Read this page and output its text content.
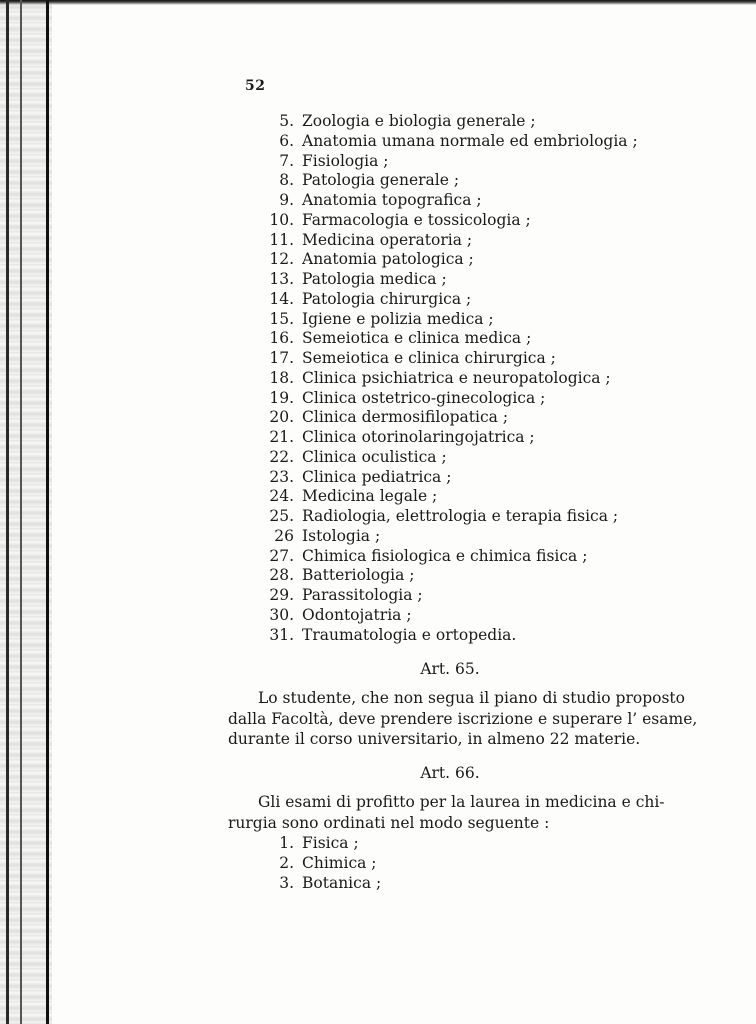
52
5. Zoologia e biologia generale ;
6. Anatomia umana normale ed embriologia ;
7. Fisiologia ;
8. Patologia generale ;
9. Anatomia topografica ;
10. Farmacologia e tossicologia ;
11. Medicina operatoria ;
12. Anatomia patologica ;
13. Patologia medica ;
14. Patologia chirurgica ;
15. Igiene e polizia medica ;
16. Semeiotica e clinica medica ;
17. Semeiotica e clinica chirurgica ;
18. Clinica psichiatrica e neuropatologica ;
19. Clinica ostetrico-ginecologica ;
20. Clinica dermosifilopatica ;
21. Clinica otorinolaringojatrica ;
22. Clinica oculistica ;
23. Clinica pediatrica ;
24. Medicina legale ;
25. Radiologia, elettrologia e terapia fisica ;
26 Istologia ;
27. Chimica fisiologica e chimica fisica ;
28. Batteriologia ;
29. Parassitologia ;
30. Odontojatria ;
31. Traumatologia e ortopedia.
Art. 65.

Lo studente, che non segua il piano di studio proposto
dalla Facoltà, deve prendere iscrizione e superare l’ esame,
durante il corso universitario, in almeno 22 materie.

Art. 66.

Gli esami di profitto per la laurea in medicina e chi-
rurgia sono ordinati nel modo seguente :

1. Fisica ;
2. Chimica ;
3. Botanica ;
